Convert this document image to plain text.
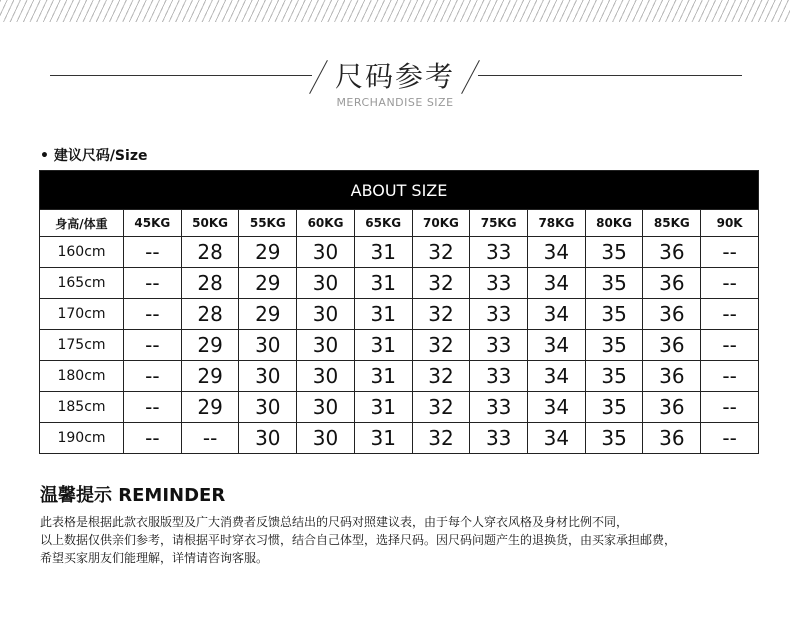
尺码参考
MERCHANDISE SIZE
• 建议尺码/Size
ABOUT SIZE											
身高/体重	45KG	50KG	55KG	60KG	65KG	70KG	75KG	78KG	80KG	85KG	90K
160cm	--	28	29	30	31	32	33	34	35	36	--
165cm	--	28	29	30	31	32	33	34	35	36	--
170cm	--	28	29	30	31	32	33	34	35	36	--
175cm	--	29	30	30	31	32	33	34	35	36	--
180cm	--	29	30	30	31	32	33	34	35	36	--
185cm	--	29	30	30	31	32	33	34	35	36	--
190cm	--	--	30	30	31	32	33	34	35	36	--
温馨提示 REMINDER
此表格是根据此款衣服版型及广大消费者反馈总结出的尺码对照建议表，由于每个人穿衣风格及身材比例不同，
以上数据仅供亲们参考，请根据平时穿衣习惯，结合自己体型，选择尺码。因尺码问题产生的退换货，由买家承担邮费，
希望买家朋友们能理解，详情请咨询客服。
